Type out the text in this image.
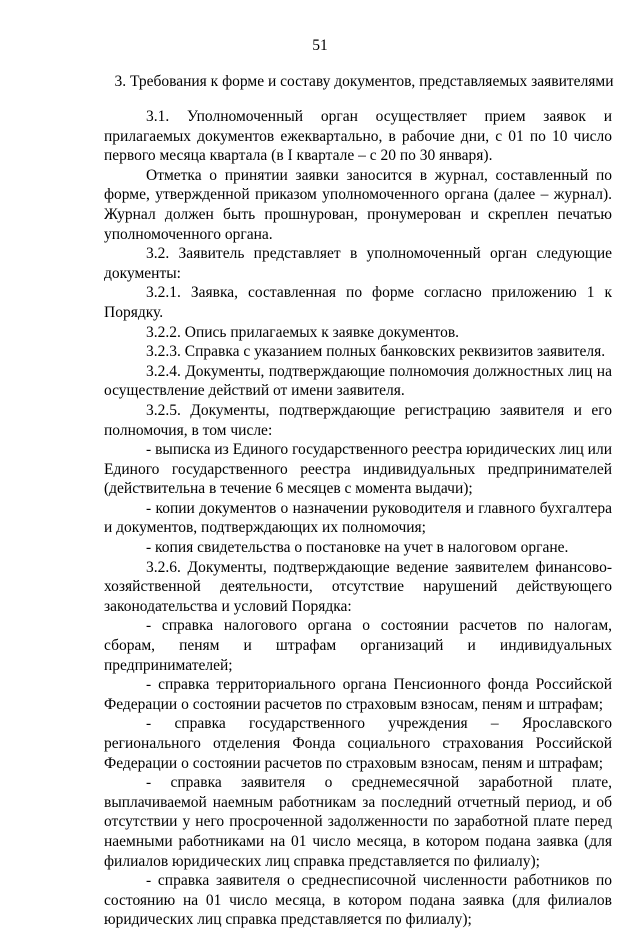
51
3. Требования к форме и составу документов, представляемых заявителями

3.1. Уполномоченный орган осуществляет прием заявок и прилагаемых документов ежеквартально, в рабочие дни, с 01 по 10 число первого месяца квартала (в I квартале – с 20 по 30 января).

Отметка о принятии заявки заносится в журнал, составленный по форме, утвержденной приказом уполномоченного органа (далее – журнал). Журнал должен быть прошнурован, пронумерован и скреплен печатью уполномоченного органа.

3.2. Заявитель представляет в уполномоченный орган следующие документы:

3.2.1. Заявка, составленная по форме согласно приложению 1 к Порядку.

3.2.2. Опись прилагаемых к заявке документов.

3.2.3. Справка с указанием полных банковских реквизитов заявителя.

3.2.4. Документы, подтверждающие полномочия должностных лиц на осуществление действий от имени заявителя.

3.2.5. Документы, подтверждающие регистрацию заявителя и его полномочия, в том числе:

- выписка из Единого государственного реестра юридических лиц или Единого государственного реестра индивидуальных предпринимателей (действительна в течение 6 месяцев с момента выдачи);

- копии документов о назначении руководителя и главного бухгалтера и документов, подтверждающих их полномочия;

- копия свидетельства о постановке на учет в налоговом органе.

3.2.6. Документы, подтверждающие ведение заявителем финансово-хозяйственной деятельности, отсутствие нарушений действующего законодательства и условий Порядка:

- справка налогового органа о состоянии расчетов по налогам, сборам, пеням и штрафам организаций и индивидуальных предпринимателей;

- справка территориального органа Пенсионного фонда Российской Федерации о состоянии расчетов по страховым взносам, пеням и штрафам;

- справка государственного учреждения – Ярославского регионального отделения Фонда социального страхования Российской Федерации о состоянии расчетов по страховым взносам, пеням и штрафам;

- справка заявителя о среднемесячной заработной плате, выплачиваемой наемным работникам за последний отчетный период, и об отсутствии у него просроченной задолженности по заработной плате перед наемными работниками на 01 число месяца, в котором подана заявка (для филиалов юридических лиц справка представляется по филиалу);

- справка заявителя о среднесписочной численности работников по состоянию на 01 число месяца, в котором подана заявка (для филиалов юридических лиц справка представляется по филиалу);
